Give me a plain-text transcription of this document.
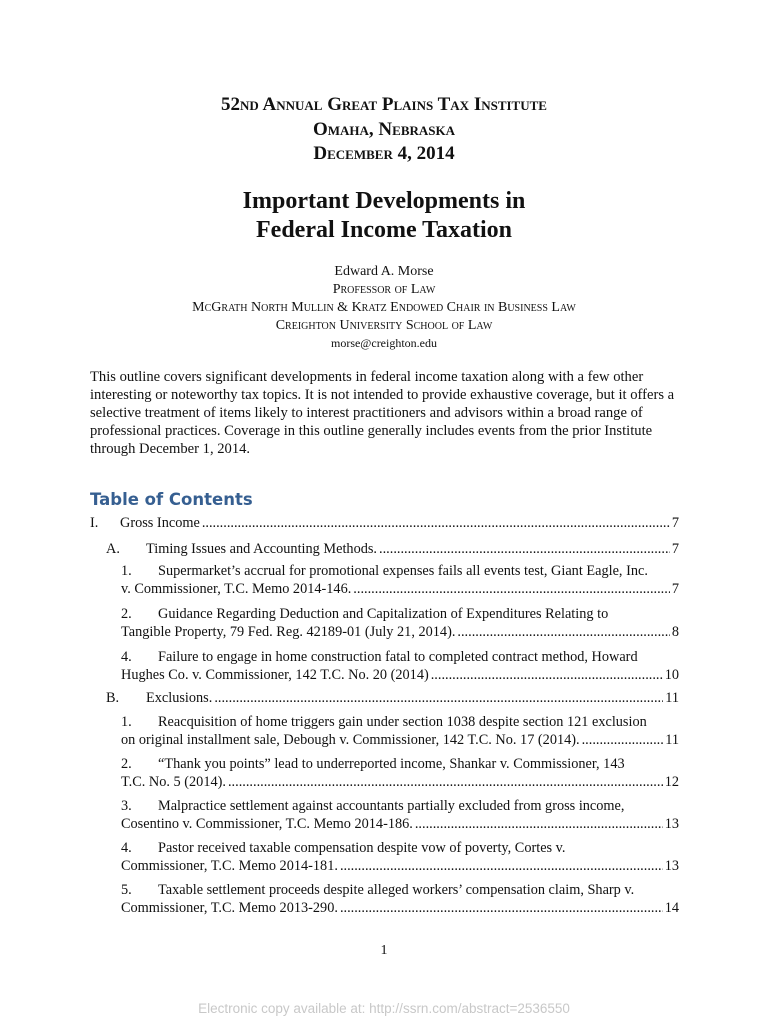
52nd Annual Great Plains Tax Institute
Omaha, Nebraska
December 4, 2014
Important Developments in
Federal Income Taxation
Edward A. Morse
Professor of Law
McGrath North Mullin & Kratz Endowed Chair in Business Law
Creighton University School of Law
morse@creighton.edu
This outline covers significant developments in federal income taxation along with a few other interesting or noteworthy tax topics. It is not intended to provide exhaustive coverage, but it offers a selective treatment of items likely to interest practitioners and advisors within a broad range of professional practices. Coverage in this outline generally includes events from the prior Institute through December 1, 2014.
Table of Contents
I.	Gross Income .....	7
A.	Timing Issues and Accounting Methods. .....	7
1.	Supermarket’s accrual for promotional expenses fails all events test, Giant Eagle, Inc.
v. Commissioner, T.C. Memo 2014-146. .....	7
2.	Guidance Regarding Deduction and Capitalization of Expenditures Relating to
Tangible Property, 79 Fed. Reg. 42189-01 (July 21, 2014). .....	8
4.	Failure to engage in home construction fatal to completed contract method, Howard
Hughes Co. v. Commissioner, 142 T.C. No. 20 (2014) .....	10
B.	Exclusions. .....	11
1.	Reacquisition of home triggers gain under section 1038 despite section 121 exclusion
on original installment sale, Debough v. Commissioner, 142 T.C. No. 17 (2014). .....	11
2.	“Thank you points” lead to underreported income, Shankar v. Commissioner, 143
T.C. No. 5 (2014). .....	12
3.	Malpractice settlement against accountants partially excluded from gross income,
Cosentino v. Commissioner, T.C. Memo 2014-186. .....	13
4.	Pastor received taxable compensation despite vow of poverty, Cortes v.
Commissioner, T.C. Memo 2014-181. .....	13
5.	Taxable settlement proceeds despite alleged workers’ compensation claim, Sharp v.
Commissioner, T.C. Memo 2013-290. .....	14
1
Electronic copy available at: http://ssrn.com/abstract=2536550
